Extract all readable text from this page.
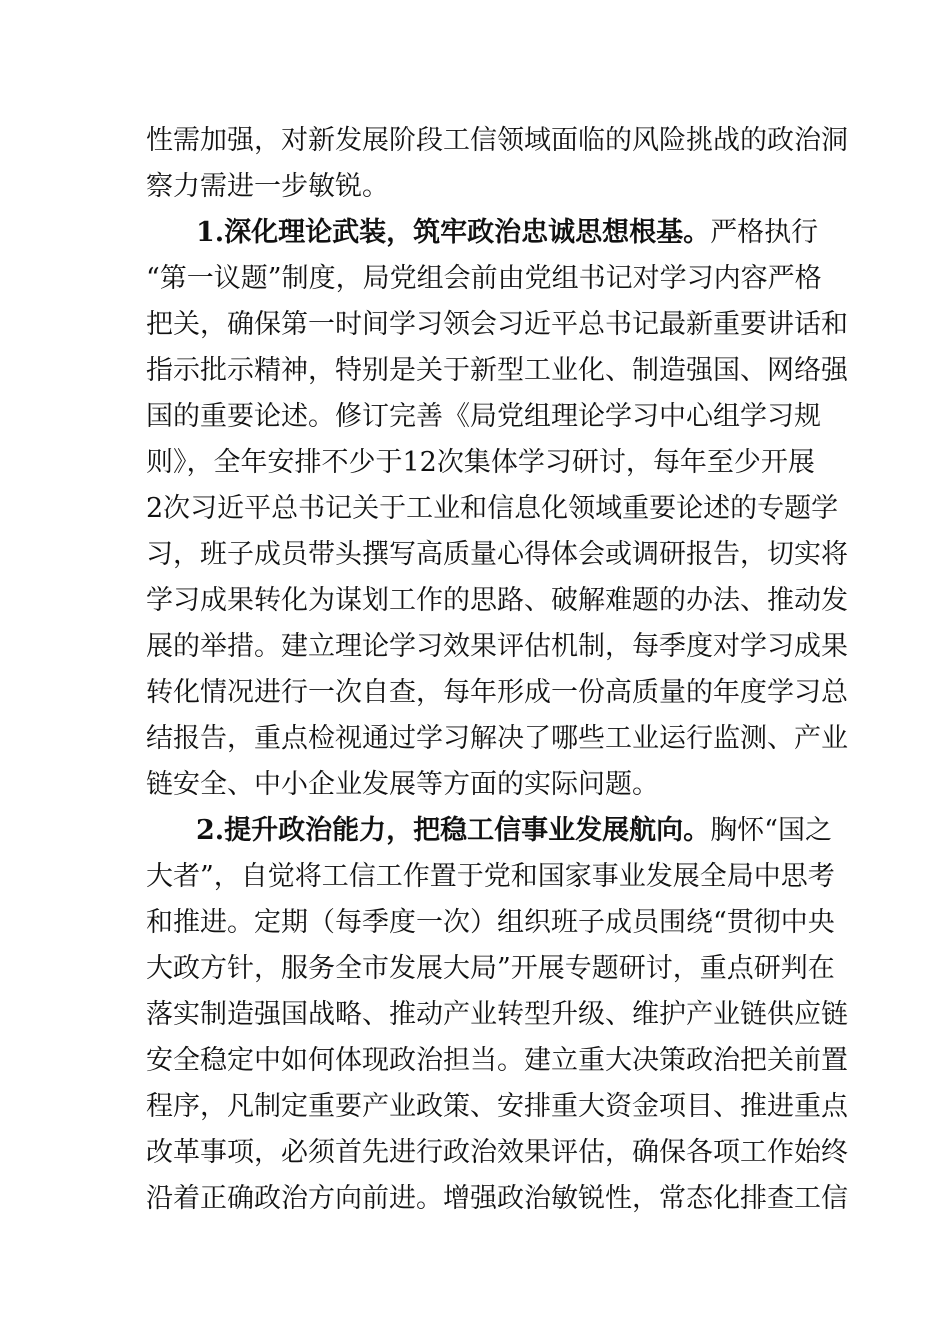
性需加强，对新发展阶段工信领域面临的风险挑战的政治洞
察力需进一步敏锐。
1.深化理论武装，筑牢政治忠诚思想根基。严格执行
“第一议题”制度，局党组会前由党组书记对学习内容严格
把关，确保第一时间学习领会习近平总书记最新重要讲话和
指示批示精神，特别是关于新型工业化、制造强国、网络强
国的重要论述。修订完善《局党组理论学习中心组学习规
则》，全年安排不少于12次集体学习研讨，每年至少开展
2次习近平总书记关于工业和信息化领域重要论述的专题学
习，班子成员带头撰写高质量心得体会或调研报告，切实将
学习成果转化为谋划工作的思路、破解难题的办法、推动发
展的举措。建立理论学习效果评估机制，每季度对学习成果
转化情况进行一次自查，每年形成一份高质量的年度学习总
结报告，重点检视通过学习解决了哪些工业运行监测、产业
链安全、中小企业发展等方面的实际问题。
2.提升政治能力，把稳工信事业发展航向。胸怀“国之
大者”，自觉将工信工作置于党和国家事业发展全局中思考
和推进。定期（每季度一次）组织班子成员围绕“贯彻中央
大政方针，服务全市发展大局”开展专题研讨，重点研判在
落实制造强国战略、推动产业转型升级、维护产业链供应链
安全稳定中如何体现政治担当。建立重大决策政治把关前置
程序，凡制定重要产业政策、安排重大资金项目、推进重点
改革事项，必须首先进行政治效果评估，确保各项工作始终
沿着正确政治方向前进。增强政治敏锐性，常态化排查工信
